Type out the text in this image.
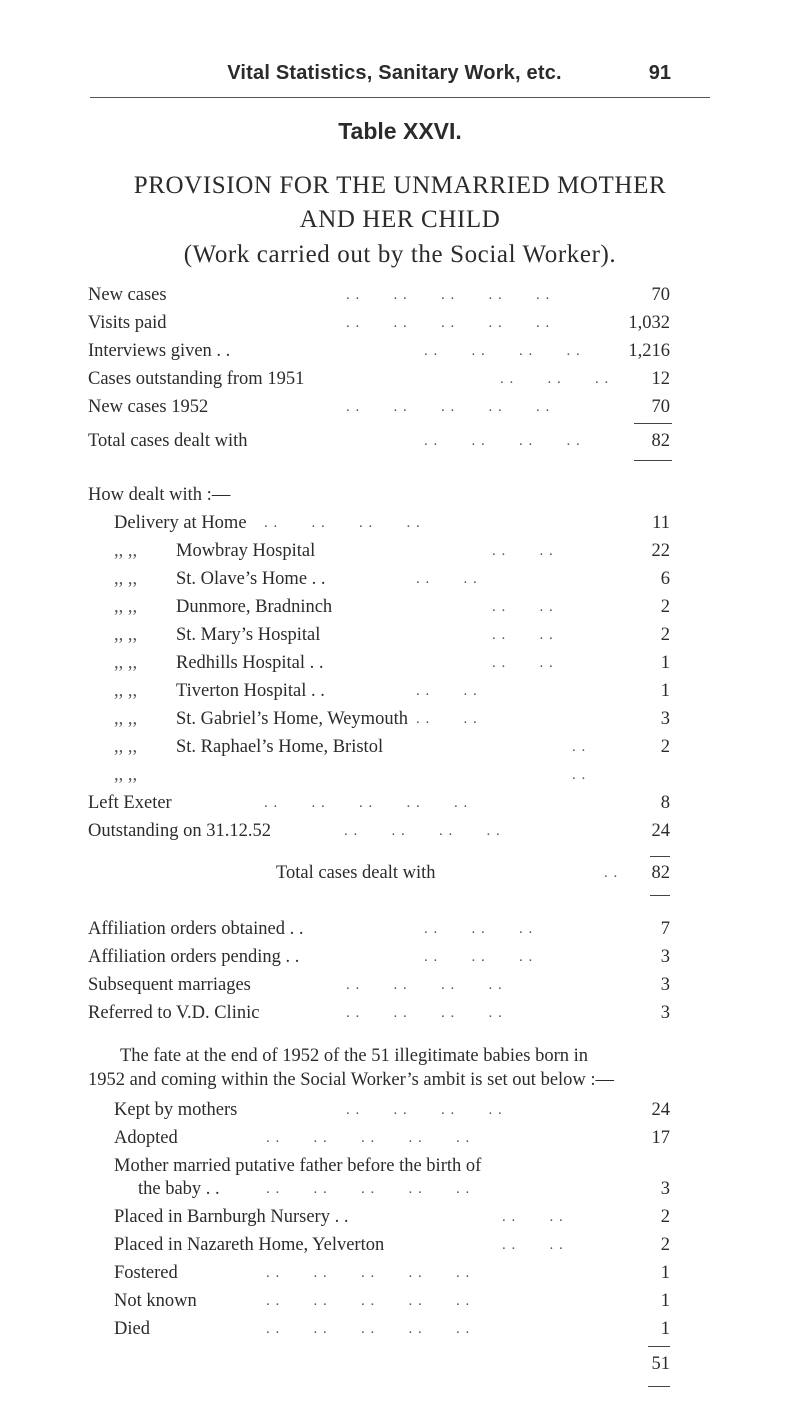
Vital Statistics, Sanitary Work, etc.	91
Table XXVI.
PROVISION FOR THE UNMARRIED MOTHER
AND HER CHILD
(Work carried out by the Social Worker).
New cases	. .       . .       . .       . .       . .	70
Visits paid	. .       . .       . .       . .       . .	1,032
Interviews given . .	. .       . .       . .       . .	1,216
Cases outstanding from 1951	. .       . .       . . 12
New cases 1952	. .       . .       . .       . .       . .	70
Total cases dealt with	. .       . .       . .       . .	82
How dealt with :—
Delivery at Home . .       . .       . .       . .	11
,, ,, Mowbray Hospital	. .       . .	22
,, ,, St. Olave’s Home . .	. .       . .	6
,, ,, Dunmore, Bradninch	. .       . .	2
,, ,, St. Mary’s Hospital	. .       . .	2
,, ,, Redhills Hospital . .	. .       . .	1
,, ,, Tiverton Hospital . .	. .       . .	1
,, ,, St. Gabriel’s Home, Weymouth . .       . .	3
,, ,, St. Raphael’s Home, Bristol	. .	2
,, ,,	. .
Left Exeter	. .       . .       . .       . .       . .	8
Outstanding on 31.12.52	. .       . .       . .       . .	24
Total cases dealt with	. . 82
Affiliation orders obtained . .	. .       . .       . .	7
Affiliation orders pending . .	. .       . .       . .	3
Subsequent marriages	. .       . .       . .       . .	3
Referred to V.D. Clinic	. .       . .       . .       . .	3
The fate at the end of 1952 of the 51 illegitimate babies born in
1952 and coming within the Social Worker’s ambit is set out below :—
Kept by mothers	. .       . .       . .       . .	24
Adopted	. .       . .       . .       . .       . .	17
Mother married putative father before the birth of
the baby . .	. .       . .       . .       . .       . .	3
Placed in Barnburgh Nursery . .	. .       . .	2
Placed in Nazareth Home, Yelverton	. .       . .	2
Fostered	. .       . .       . .       . .       . .	1
Not known	. .       . .       . .       . .       . .	1
Died	. .       . .       . .       . .       . .	1
51
